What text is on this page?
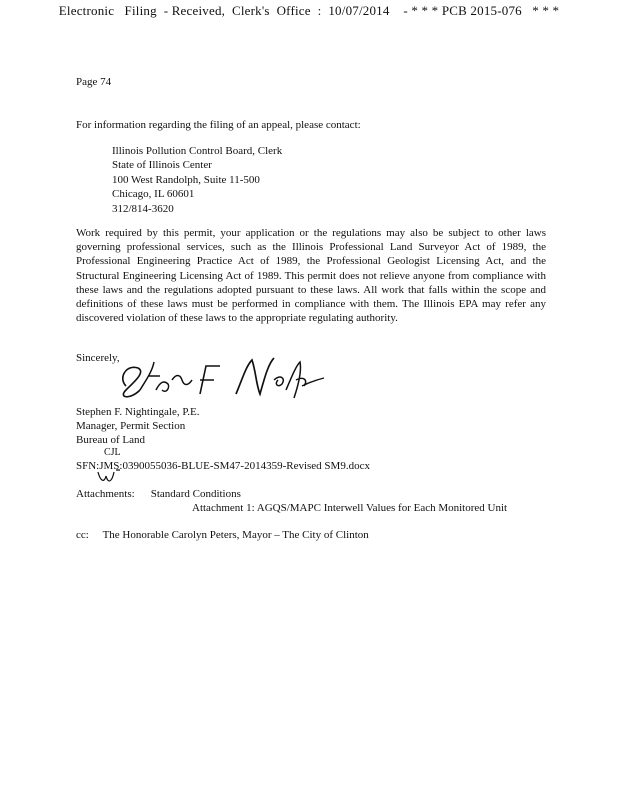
Electronic   Filing  - Received,  Clerk's  Office  :  10/07/2014    - * * * PCB 2015-076   * * *
Page 74
For information regarding the filing of an appeal, please contact:
Illinois Pollution Control Board, Clerk
State of Illinois Center
100 West Randolph, Suite 11-500
Chicago, IL 60601
312/814-3620
Work required by this permit, your application or the regulations may also be subject to other laws governing professional services, such as the Illinois Professional Land Surveyor Act of 1989, the Professional Engineering Practice Act of 1989, the Professional Geologist Licensing Act, and the Structural Engineering Licensing Act of 1989. This permit does not relieve anyone from compliance with these laws and the regulations adopted pursuant to these laws. All work that falls within the scope and definitions of these laws must be performed in compliance with them. The Illinois EPA may refer any discovered violation of these laws to the appropriate regulating authority.
Sincerely,
Stephen F. Nightingale, P.E.
Manager, Permit Section
Bureau of Land
CJL
SFN:JMS:0390055036-BLUE-SM47-2014359-Revised SM9.docx
Attachments: Standard Conditions
Attachment 1: AGQS/MAPC Interwell Values for Each Monitored Unit
cc: The Honorable Carolyn Peters, Mayor – The City of Clinton
